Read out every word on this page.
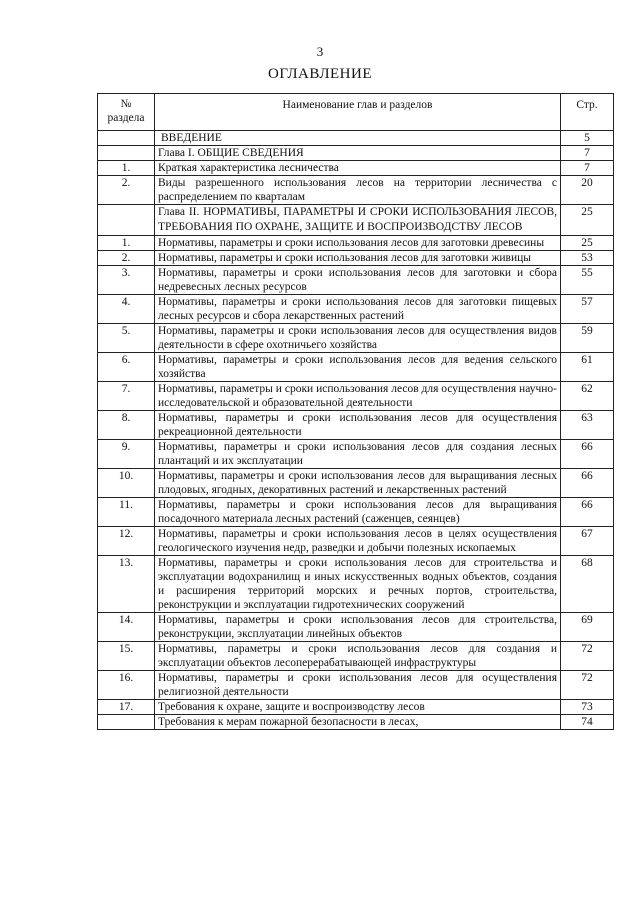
3
ОГЛАВЛЕНИЕ
№ раздела	Наименование глав и разделов	Стр.
	ВВЕДЕНИЕ	5
	Глава I. ОБЩИЕ СВЕДЕНИЯ	7
1.	Краткая характеристика лесничества	7
2.	Виды разрешенного использования лесов на территории лесничества с распределением по кварталам	20
	Глава II. НОРМАТИВЫ, ПАРАМЕТРЫ И СРОКИ ИСПОЛЬЗОВАНИЯ ЛЕСОВ, ТРЕБОВАНИЯ ПО ОХРАНЕ, ЗАЩИТЕ И ВОСПРОИЗВОДСТВУ ЛЕСОВ	25
1.	Нормативы, параметры и сроки использования лесов для заготовки древесины	25
2.	Нормативы, параметры и сроки использования лесов для заготовки живицы	53
3.	Нормативы, параметры и сроки использования лесов для заготовки и сбора недревесных лесных ресурсов	55
4.	Нормативы, параметры и сроки использования лесов для заготовки пищевых лесных ресурсов и сбора лекарственных растений	57
5.	Нормативы, параметры и сроки использования лесов для осуществления видов деятельности в сфере охотничьего хозяйства	59
6.	Нормативы, параметры и сроки использования лесов для ведения сельского хозяйства	61
7.	Нормативы, параметры и сроки использования лесов для осуществления научно-исследовательской и образовательной деятельности	62
8.	Нормативы, параметры и сроки использования лесов для осуществления рекреационной деятельности	63
9.	Нормативы, параметры и сроки использования лесов для создания лесных плантаций и их эксплуатации	66
10.	Нормативы, параметры и сроки использования лесов для выращивания лесных плодовых, ягодных, декоративных растений и лекарственных растений	66
11.	Нормативы, параметры и сроки использования лесов для выращивания посадочного материала лесных растений (саженцев, сеянцев)	66
12.	Нормативы, параметры и сроки использования лесов в целях осуществления геологического изучения недр, разведки и добычи полезных ископаемых	67
13.	Нормативы, параметры и сроки использования лесов для строительства и эксплуатации водохранилищ и иных искусственных водных объектов, создания и расширения территорий морских и речных портов, строительства, реконструкции и эксплуатации гидротехнических сооружений	68
14.	Нормативы, параметры и сроки использования лесов для строительства, реконструкции, эксплуатации линейных объектов	69
15.	Нормативы, параметры и сроки использования лесов для создания и эксплуатации объектов лесоперерабатывающей инфраструктуры	72
16.	Нормативы, параметры и сроки использования лесов для осуществления религиозной деятельности	72
17.	Требования к охране, защите и воспроизводству лесов	73
	Требования к мерам пожарной безопасности в лесах,	74
